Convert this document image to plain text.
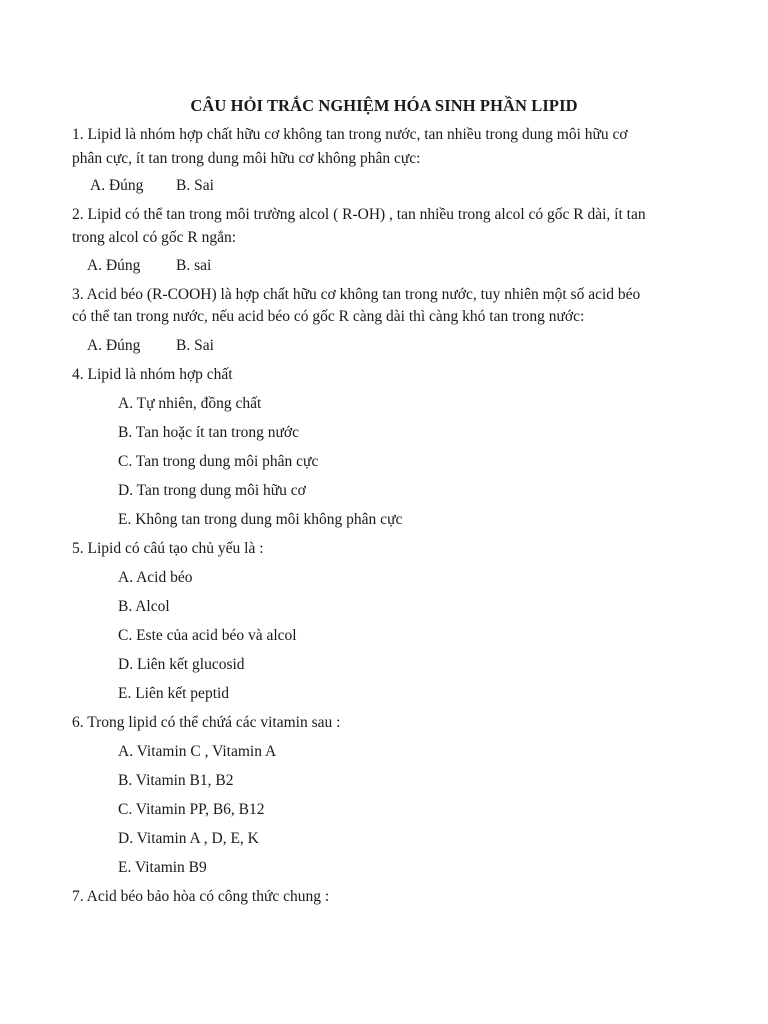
CÂU HỎI TRẮC NGHIỆM HÓA SINH PHẦN LIPID
1. Lipid là nhóm hợp chất hữu cơ không tan trong nước, tan nhiều trong dung môi hữu cơ
phân cực, ít tan trong dung môi hữu cơ không phân cực:
A. Đúng B. Sai
2. Lipid có thể tan trong môi trường alcol ( R-OH) , tan nhiều trong alcol có gốc R dài, ít tan
trong alcol có gốc R ngắn:
A. Đúng B. sai
3. Acid béo (R-COOH) là hợp chất hữu cơ không tan trong nước, tuy nhiên một số acid béo
có thể tan trong nước, nếu acid béo có gốc R càng dài thì càng khó tan trong nước:
A. Đúng B. Sai
4. Lipid là nhóm hợp chất
A. Tự nhiên, đồng chất
B. Tan hoặc ít tan trong nước
C. Tan trong dung môi phân cực
D. Tan trong dung môi hữu cơ
E. Không tan trong dung môi không phân cực
5. Lipid có câú tạo chủ yếu là :
A. Acid béo
B. Alcol
C. Este của acid béo và alcol
D. Liên kết glucosid
E. Liên kết peptid
6. Trong lipid có thể chứá các vitamin sau :
A. Vitamin C , Vitamin A
B. Vitamin B1, B2
C. Vitamin PP, B6, B12
D. Vitamin A , D, E, K
E. Vitamin B9
7. Acid béo bảo hòa có công thức chung :
